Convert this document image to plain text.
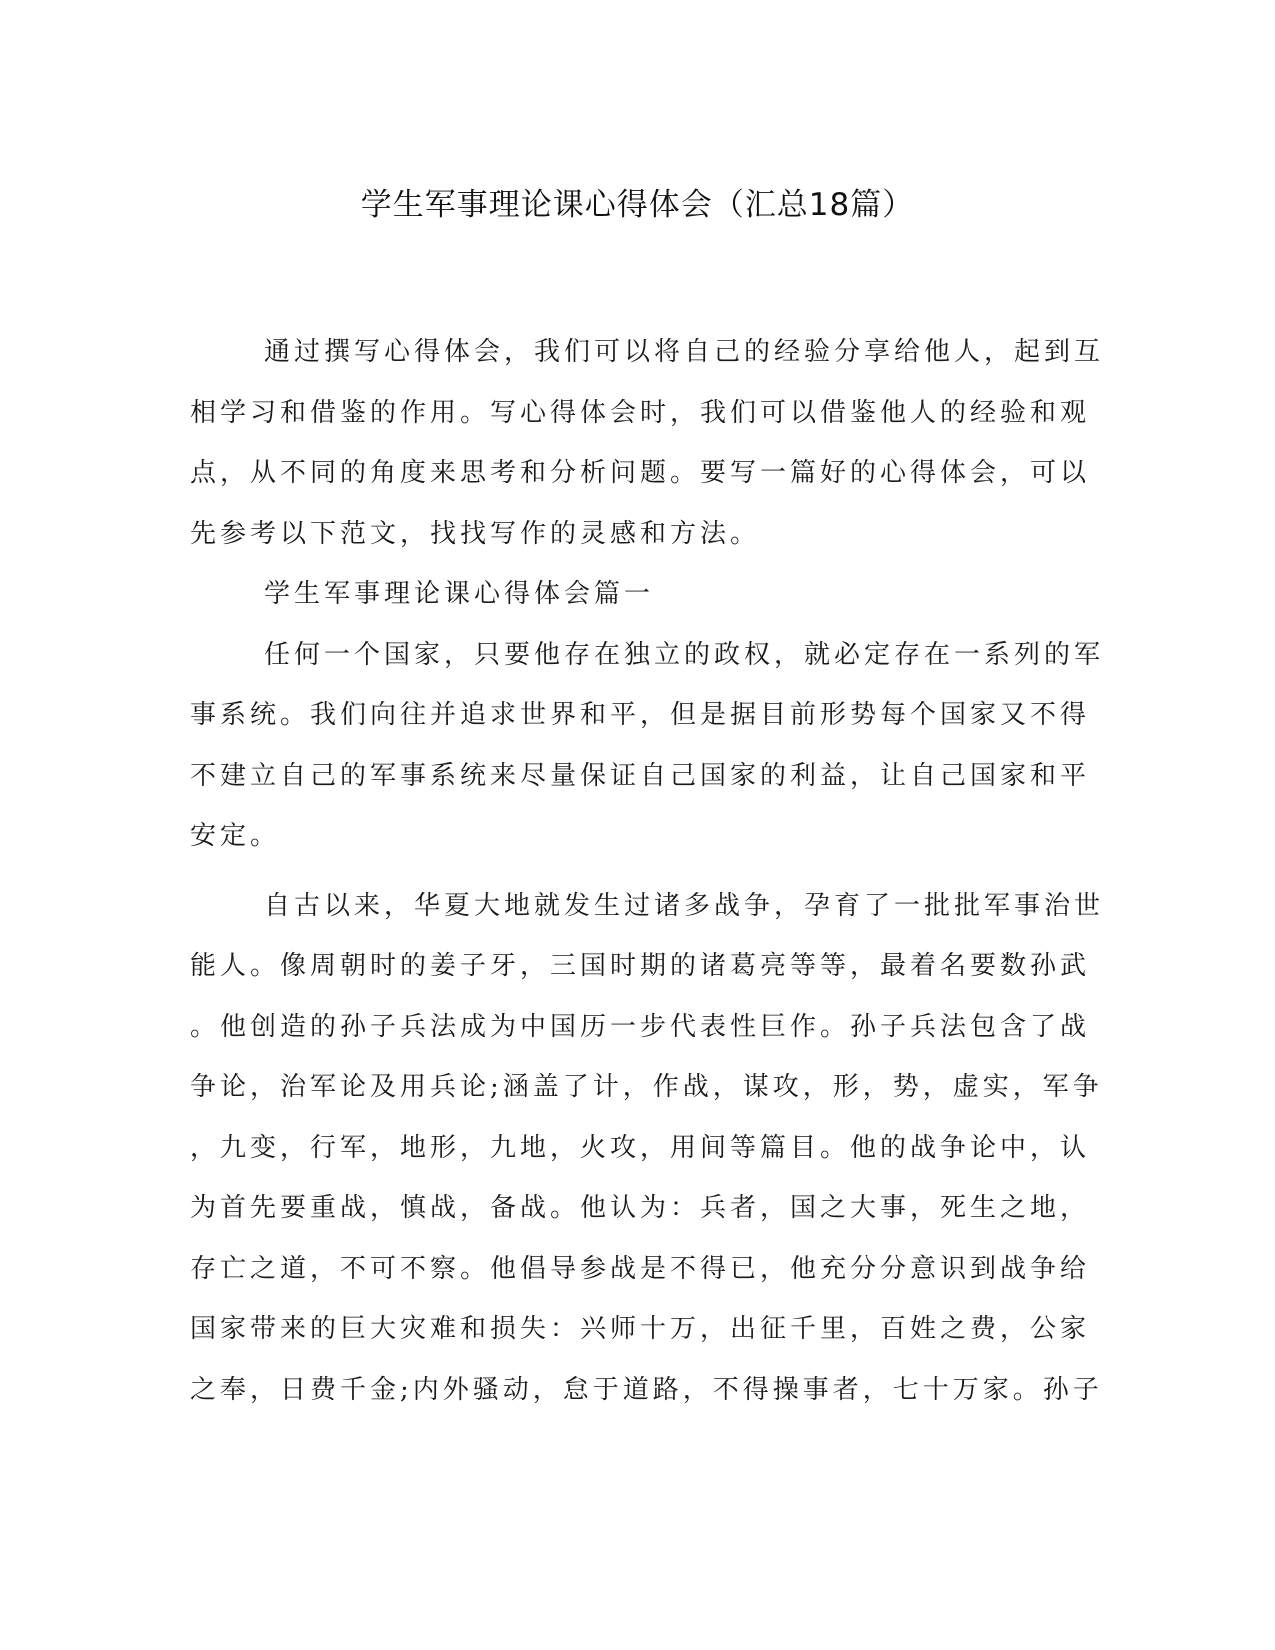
学生军事理论课心得体会（汇总18篇）
通过撰写心得体会，我们可以将自己的经验分享给他人，起到互
相学习和借鉴的作用。写心得体会时，我们可以借鉴他人的经验和观
点，从不同的角度来思考和分析问题。要写一篇好的心得体会，可以
先参考以下范文，找找写作的灵感和方法。
学生军事理论课心得体会篇一
任何一个国家，只要他存在独立的政权，就必定存在一系列的军
事系统。我们向往并追求世界和平，但是据目前形势每个国家又不得
不建立自己的军事系统来尽量保证自己国家的利益，让自己国家和平
安定。
自古以来，华夏大地就发生过诸多战争，孕育了一批批军事治世
能人。像周朝时的姜子牙，三国时期的诸葛亮等等，最着名要数孙武
。他创造的孙子兵法成为中国历一步代表性巨作。孙子兵法包含了战
争论，治军论及用兵论;涵盖了计，作战，谋攻，形，势，虚实，军争
，九变，行军，地形，九地，火攻，用间等篇目。他的战争论中，认
为首先要重战，慎战，备战。他认为：兵者，国之大事，死生之地，
存亡之道，不可不察。他倡导参战是不得已，他充分分意识到战争给
国家带来的巨大灾难和损失：兴师十万，出征千里，百姓之费，公家
之奉，日费千金;内外骚动，怠于道路，不得操事者，七十万家。孙子
